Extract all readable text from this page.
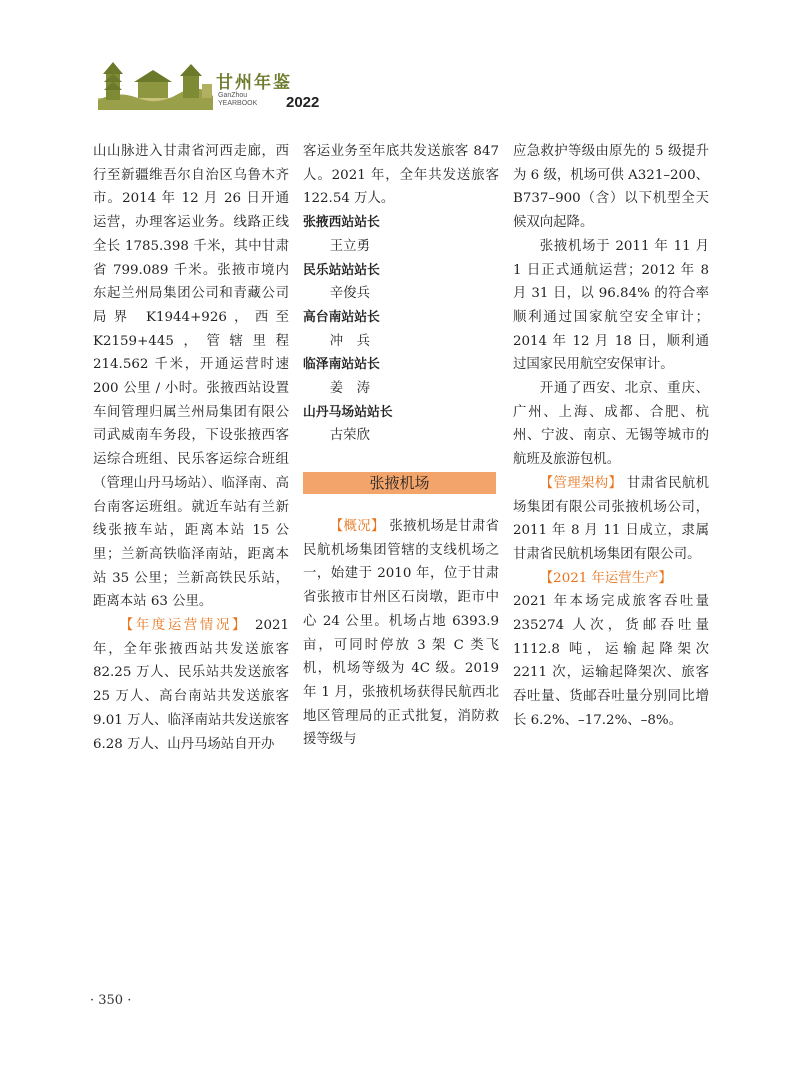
甘州年鉴
GanZhou
YEARBOOK 2022

山山脉进入甘肃省河西走廊，西行至新疆维吾尔自治区乌鲁木齐市。2014 年 12 月 26 日开通运营，办理客运业务。线路正线全长 1785.398 千米，其中甘肃省 799.089 千米。张掖市境内东起兰州局集团公司和青藏公司局界 K1944+926，西至 K2159+445，管辖里程 214.562 千米，开通运营时速 200 公里 / 小时。张掖西站设置车间管理归属兰州局集团有限公司武威南车务段，下设张掖西客运综合班组、民乐客运综合班组（管理山丹马场站）、临泽南、高台南客运班组。就近车站有兰新线张掖车站，距离本站 15 公里；兰新高铁临泽南站，距离本站 35 公里；兰新高铁民乐站，距离本站 63 公里。

【年度运营情况】 2021 年，全年张掖西站共发送旅客 82.25 万人、民乐站共发送旅客 25 万人、高台南站共发送旅客 9.01 万人、临泽南站共发送旅客 6.28 万人、山丹马场站自开办

客运业务至年底共发送旅客 847 人。2021 年，全年共发送旅客 122.54 万人。

张掖西站站长

王立勇

民乐站站站长

辛俊兵

高台南站站长

冲　兵

临泽南站站长

姜　涛

山丹马场站站长

古荣欣

张掖机场

【概况】 张掖机场是甘肃省民航机场集团管辖的支线机场之一，始建于 2010 年，位于甘肃省张掖市甘州区石岗墩，距市中心 24 公里。机场占地 6393.9 亩，可同时停放 3 架 C 类飞机，机场等级为 4C 级。2019 年 1 月，张掖机场获得民航西北地区管理局的正式批复，消防救援等级与

应急救护等级由原先的 5 级提升为 6 级，机场可供 A321–200、B737–900（含）以下机型全天候双向起降。

张掖机场于 2011 年 11 月 1 日正式通航运营；2012 年 8 月 31 日，以 96.84% 的符合率顺利通过国家航空安全审计；2014 年 12 月 18 日，顺利通过国家民用航空安保审计。

开通了西安、北京、重庆、广州、上海、成都、合肥、杭州、宁波、南京、无锡等城市的航班及旅游包机。

【管理架构】 甘肃省民航机场集团有限公司张掖机场公司，2011 年 8 月 11 日成立，隶属甘肃省民航机场集团有限公司。

【2021 年运营生产】

2021 年本场完成旅客吞吐量 235274 人次，货邮吞吐量 1112.8 吨，运输起降架次 2211 次，运输起降架次、旅客吞吐量、货邮吞吐量分别同比增长 6.2%、–17.2%、–8%。

· 350 ·
